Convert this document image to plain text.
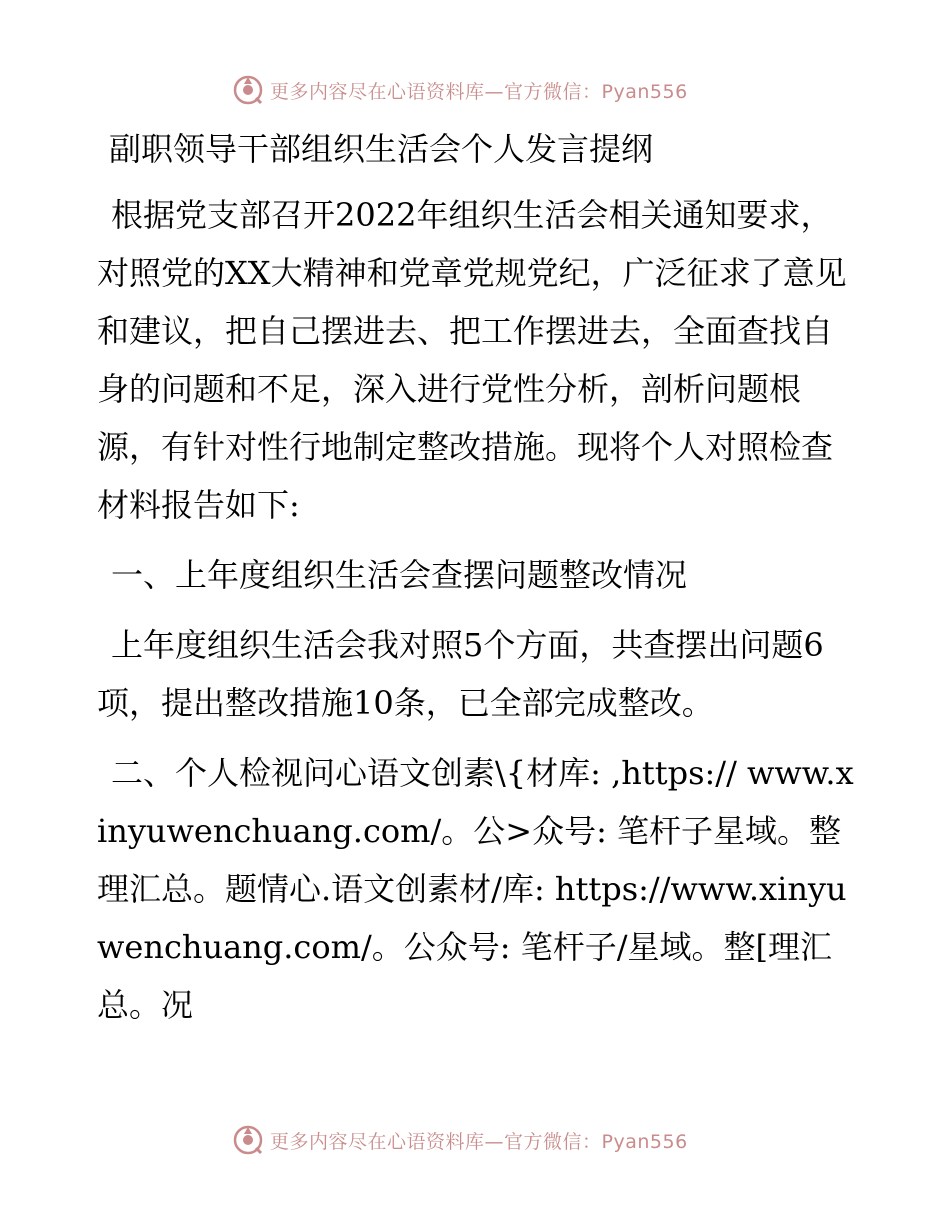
更多内容尽在心语资料库—官方微信：Pyan556

副职领导干部组织生活会个人发言提纲

根据党支部召开2022年组织生活会相关通知要求，对照党的XX大精神和党章党规党纪，广泛征求了意见和建议，把自己摆进去、把工作摆进去，全面查找自身的问题和不足，深入进行党性分析，剖析问题根源，有针对性行地制定整改措施。现将个人对照检查材料报告如下:

一、上年度组织生活会查摆问题整改情况

上年度组织生活会我对照5个方面，共查摆出问题6项，提出整改措施10条，已全部完成整改。

二、个人检视问心语文创素\{材库: ,https:// www.xinyuwenchuang.com/。公>众号: 笔杆子星域。整理汇总。题情心.语文创素材/库: https://www.xinyuwenchuang.com/。公众号: 笔杆子/星域。整[理汇总。况

更多内容尽在心语资料库—官方微信：Pyan556
